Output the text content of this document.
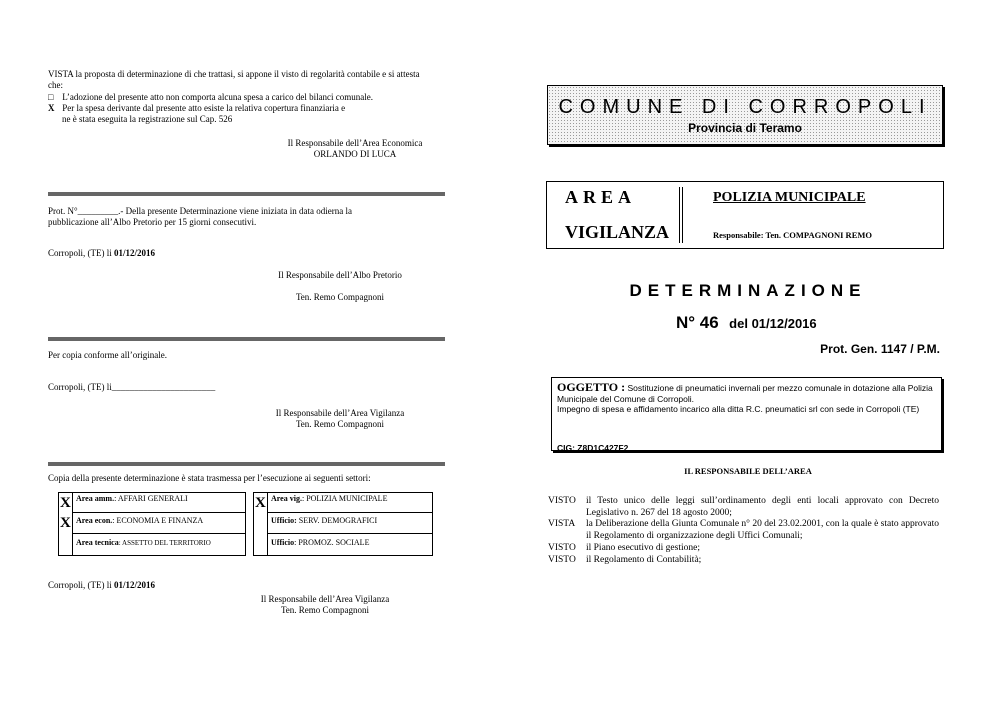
VISTA la proposta di determinazione di che trattasi, si appone il visto di regolarità contabile e si attesta che:
□ L’adozione del presente atto non comporta alcuna spesa a carico del bilanci comunale.
X Per la spesa derivante dal presente atto esiste la relativa copertura finanziaria e
ne è stata eseguita la registrazione sul Cap. 526
Il Responsabile dell’Area Economica
ORLANDO DI LUCA
Prot. N°_________.- Della presente Determinazione viene iniziata in data odierna la pubblicazione all’Albo Pretorio per 15 giorni consecutivi.
Corropoli, (TE) li 01/12/2016
Il Responsabile dell’Albo Pretorio
Ten. Remo Compagnoni
Per copia conforme all’originale.
Corropoli, (TE) li_______________________
Il Responsabile dell’Area Vigilanza
Ten. Remo Compagnoni
Copia della presente determinazione è stata trasmessa per l’esecuzione ai seguenti settori:
X
X
Area amm.: AFFARI GENERALI
Area econ.: ECONOMIA E FINANZA
Area tecnica: ASSETTO DEL TERRITORIO
X Area vig.: POLIZIA MUNICIPALE
Ufficio: SERV. DEMOGRAFICI
Ufficio: PROMOZ. SOCIALE
Corropoli, (TE) li 01/12/2016
Il Responsabile dell’Area Vigilanza
Ten. Remo Compagnoni
COMUNE DI CORROPOLI
Provincia di Teramo
AREA
VIGILANZA
POLIZIA MUNICIPALE
Responsabile: Ten. COMPAGNONI REMO
DETERMINAZIONE
N° 46 del 01/12/2016
Prot. Gen. 1147 / P.M.
OGGETTO : Sostituzione di pneumatici invernali per mezzo comunale in dotazione alla Polizia Municipale del Comune di Corropoli.
Impegno di spesa e affidamento incarico alla ditta R.C. pneumatici srl con sede in Corropoli (TE)
CIG: Z8D1C427F2
IL RESPONSABILE DELL’AREA
VISTO il Testo unico delle leggi sull’ordinamento degli enti locali approvato con Decreto Legislativo n. 267 del 18 agosto 2000;
VISTA la Deliberazione della Giunta Comunale n° 20 del 23.02.2001, con la quale è stato approvato il Regolamento di organizzazione degli Uffici Comunali;
VISTO il Piano esecutivo di gestione;
VISTO il Regolamento di Contabilità;
